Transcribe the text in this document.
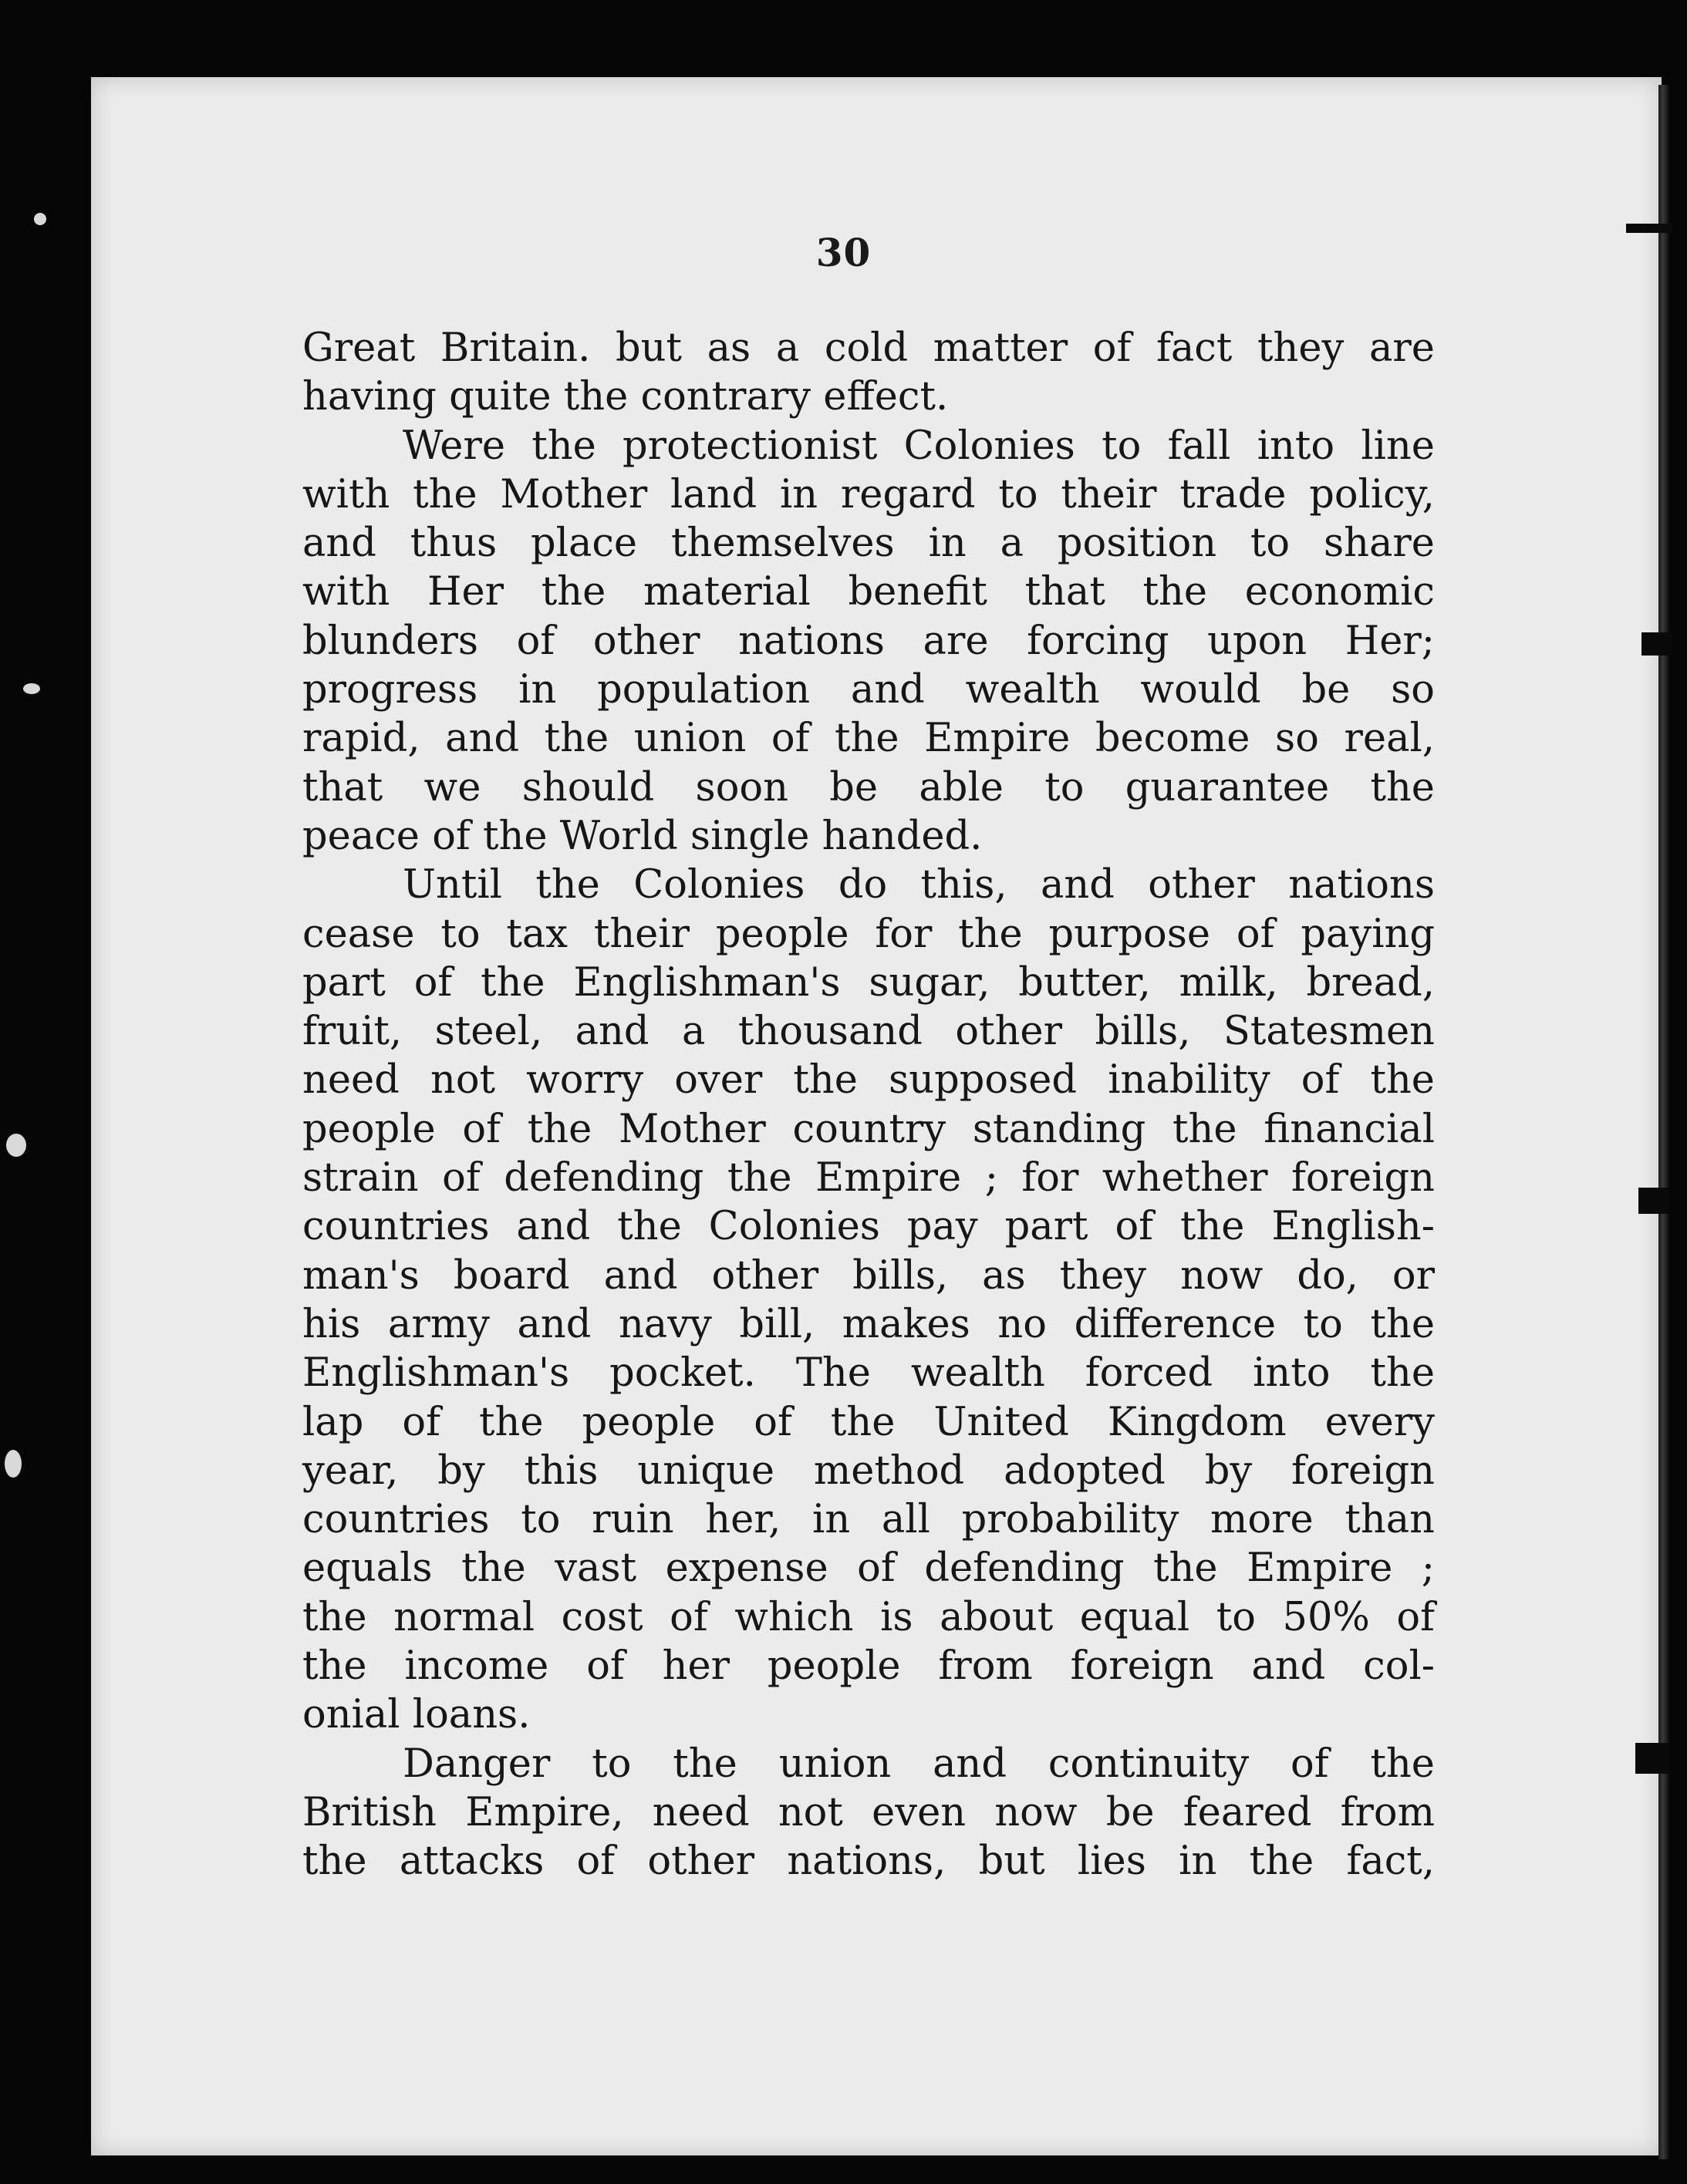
30
Great Britain. but as a cold matter of fact they are
having quite the contrary effect.
Were the protectionist Colonies to fall into line
with the Mother land in regard to their trade policy,
and thus place themselves in a position to share
with Her the material benefit that the economic
blunders of other nations are forcing upon Her;
progress in population and wealth would be so
rapid, and the union of the Empire become so real,
that we should soon be able to guarantee the
peace of the World single handed.
Until the Colonies do this, and other nations
cease to tax their people for the purpose of paying
part of the Englishman's sugar, butter, milk, bread,
fruit, steel, and a thousand other bills, Statesmen
need not worry over the supposed inability of the
people of the Mother country standing the financial
strain of defending the Empire ; for whether foreign
countries and the Colonies pay part of the English-
man's board and other bills, as they now do, or
his army and navy bill, makes no difference to the
Englishman's pocket. The wealth forced into the
lap of the people of the United Kingdom every
year, by this unique method adopted by foreign
countries to ruin her, in all probability more than
equals the vast expense of defending the Empire ;
the normal cost of which is about equal to 50% of
the income of her people from foreign and col-
onial loans.
Danger to the union and continuity of the
British Empire, need not even now be feared from
the attacks of other nations, but lies in the fact,
